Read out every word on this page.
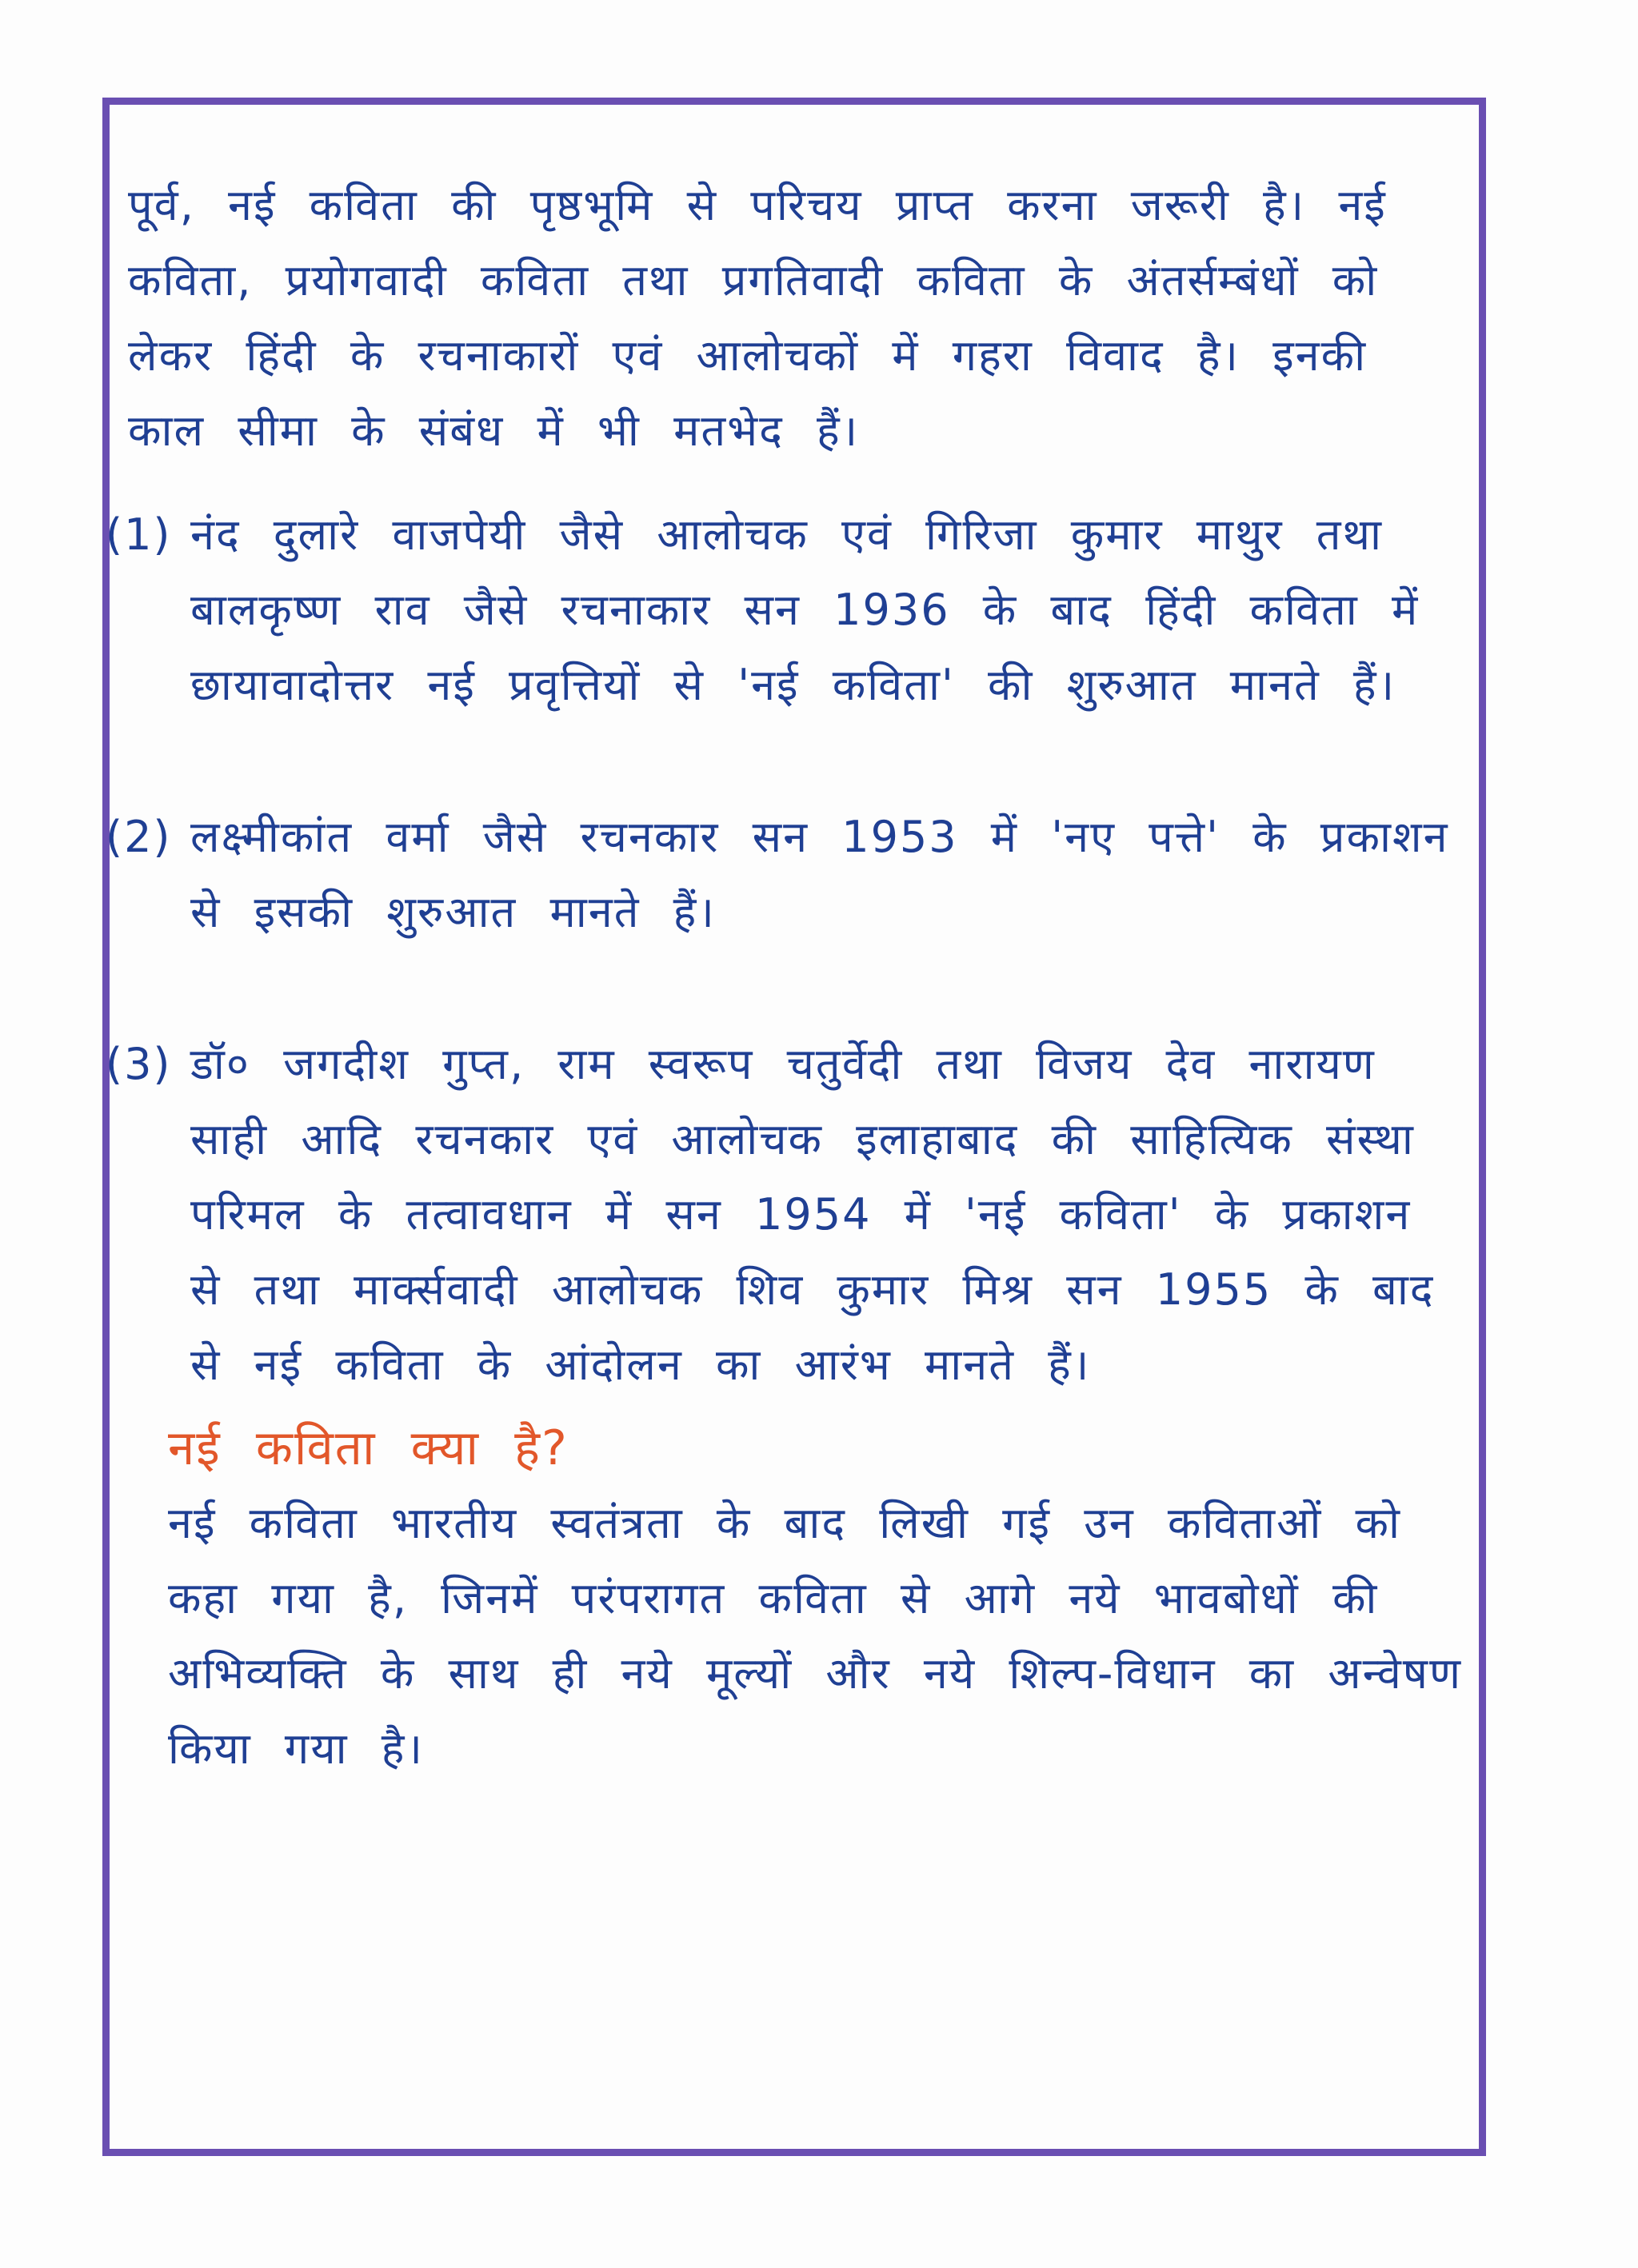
पूर्व, नई कविता की पृष्ठभूमि से परिचय प्राप्त करना जरूरी है। नई कविता, प्रयोगवादी कविता तथा प्रगतिवादी कविता के अंतर्सम्बंधों को लेकर हिंदी के रचनाकारों एवं आलोचकों में गहरा विवाद है। इनकी काल सीमा के संबंध में भी मतभेद हैं।

(1) नंद दुलारे वाजपेयी जैसे आलोचक एवं गिरिजा कुमार माथुर तथा बालकृष्ण राव जैसे रचनाकार सन 1936 के बाद हिंदी कविता में छायावादोत्तर नई प्रवृत्तियों से 'नई कविता' की शुरुआत मानते हैं।
(2) लक्ष्मीकांत वर्मा जैसे रचनकार सन 1953 में 'नए पत्ते' के प्रकाशन से इसकी शुरुआत मानते हैं।
(3) डॉ० जगदीश गुप्त, राम स्वरूप चतुर्वेदी तथा विजय देव नारायण साही आदि रचनकार एवं आलोचक इलाहाबाद की साहित्यिक संस्था परिमल के तत्वावधान में सन 1954 में 'नई कविता' के प्रकाशन से तथा मार्क्सवादी आलोचक शिव कुमार मिश्र सन 1955 के बाद से नई कविता के आंदोलन का आरंभ मानते हैं।
नई कविता क्या है?

नई कविता भारतीय स्वतंत्रता के बाद लिखी गई उन कविताओं को कहा गया है, जिनमें परंपरागत कविता से आगे नये भावबोधों की अभिव्यक्ति के साथ ही नये मूल्यों और नये शिल्प-विधान का अन्वेषण किया गया है।
